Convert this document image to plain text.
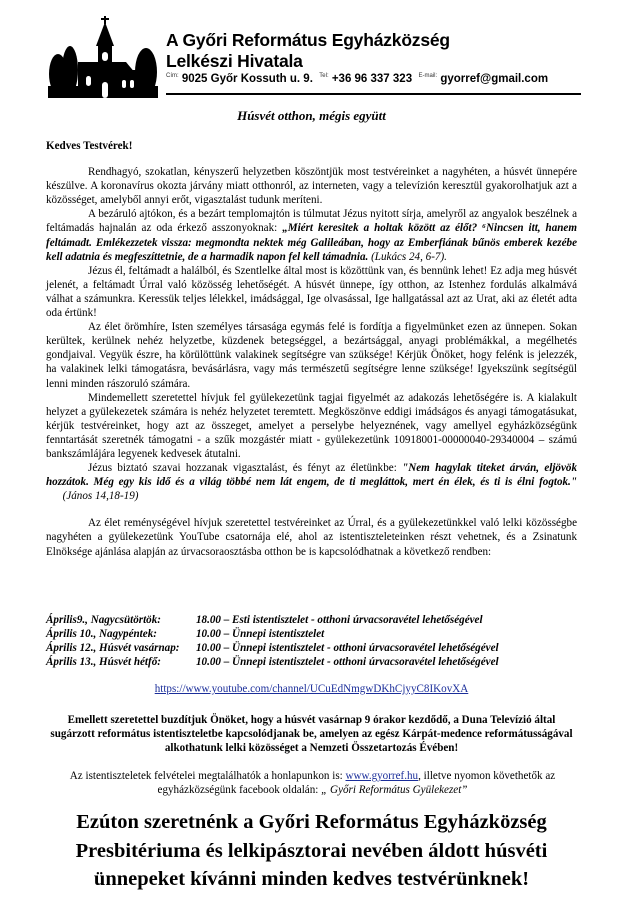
A Győri Református Egyházközség
Lelkészi Hivatala
$^{Cím:}$ 9025 Győr Kossuth u. 9. $^{Tel:}$ +36 96 337 323 $^{E-mail:}$ gyorref@gmail.com
Húsvét otthon, mégis együtt

Kedves Testvérek!

Rendhagyó, szokatlan, kényszerű helyzetben köszöntjük most testvéreinket a nagyhéten, a húsvét ünnepére készülve. A koronavírus okozta járvány miatt otthonról, az interneten, vagy a televízión keresztül gyakorolhatjuk azt a közösséget, amelyből annyi erőt, vigasztalást tudunk meríteni.

A bezáruló ajtókon, és a bezárt templomajtón is túlmutat Jézus nyitott sírja, amelyről az angyalok beszélnek a feltámadás hajnalán az oda érkező asszonyoknak: „Miért keresitek a holtak között az élőt? ⁶Nincsen itt, hanem feltámadt. Emlékezzetek vissza: megmondta nektek még Galileában, hogy az Emberfiának bűnös emberek kezébe kell adatnia és megfeszíttetnie, de a harmadik napon fel kell támadnia. (Lukács 24, 6-7).

Jézus él, feltámadt a halálból, és Szentlelke által most is közöttünk van, és bennünk lehet! Ez adja meg húsvét jelenét, a feltámadt Úrral való közösség lehetőségét. A húsvét ünnepe, így otthon, az Istenhez fordulás alkalmává válhat a számunkra. Keressük teljes lélekkel, imádsággal, Ige olvasással, Ige hallgatással azt az Urat, aki az életét adta oda értünk!

Az élet örömhíre, Isten személyes társasága egymás felé is fordítja a figyelmünket ezen az ünnepen. Sokan kerültek, kerülnek nehéz helyzetbe, küzdenek betegséggel, a bezártsággal, anyagi problémákkal, a megélhetés gondjaival. Vegyük észre, ha körülöttünk valakinek segítségre van szüksége! Kérjük Önöket, hogy felénk is jelezzék, ha valakinek lelki támogatásra, bevásárlásra, vagy más természetű segítségre lenne szüksége! Igyekszünk segítségül lenni minden rászoruló számára.

Mindemellett szeretettel hívjuk fel gyülekezetünk tagjai figyelmét az adakozás lehetőségére is. A kialakult helyzet a gyülekezetek számára is nehéz helyzetet teremtett. Megköszönve eddigi imádságos és anyagi támogatásukat, kérjük testvéreinket, hogy azt az összeget, amelyet a perselybe helyeznének, vagy amellyel egyházközségünk fenntartását szeretnék támogatni - a szűk mozgástér miatt - gyülekezetünk 10918001-00000040-29340004 – számú bankszámlájára legyenek kedvesek átutalni.

Jézus biztató szavai hozzanak vigasztalást, és fényt az életünkbe: "Nem hagylak titeket árván, eljövök hozzátok. Még egy kis idő és a világ többé nem lát engem, de ti megláttok, mert én élek, és ti is élni fogtok."      (János 14,18-19)

Az élet reménységével hívjuk szeretettel testvéreinket az Úrral, és a gyülekezetünkkel való lelki közösségbe nagyhéten a gyülekezetünk YouTube csatornája elé, ahol az istentiszteleteinken részt vehetnek, és a Zsinatunk Elnöksége ajánlása alapján az úrvacsoraosztásba otthon be is kapcsolódhatnak a következő rendben:

Április9., Nagycsütörtök:	18.00 – Esti istentisztelet - otthoni úrvacsoravétel lehetőségével
Április 10., Nagypéntek:	10.00 – Ünnepi istentisztelet
Április 12., Húsvét vasárnap: 10.00 – Ünnepi istentisztelet - otthoni úrvacsoravétel lehetőségével
Április 13., Húsvét hétfő:	10.00 – Ünnepi istentisztelet - otthoni úrvacsoravétel lehetőségével
https://www.youtube.com/channel/UCuEdNmgwDKhCjyyC8IKovXA
Emellett szeretettel buzdítjuk Önöket, hogy a húsvét vasárnap 9 órakor kezdődő, a Duna Televízió által sugárzott református istentiszteletbe kapcsolódjanak be, amelyen az egész Kárpát-medence reformátusságával alkothatunk lelki közösséget a Nemzeti Összetartozás Évében!
Az istentiszteletek felvételei megtalálhatók a honlapunkon is: www.gyorref.hu, illetve nyomon követhetők az egyházközségünk facebook oldalán: „ Győri Református Gyülekezet”
Ezúton szeretnénk a Győri Református Egyházközség
Presbitériuma és lelkipásztorai nevében áldott húsvéti
ünnepeket kívánni minden kedves testvérünknek!
